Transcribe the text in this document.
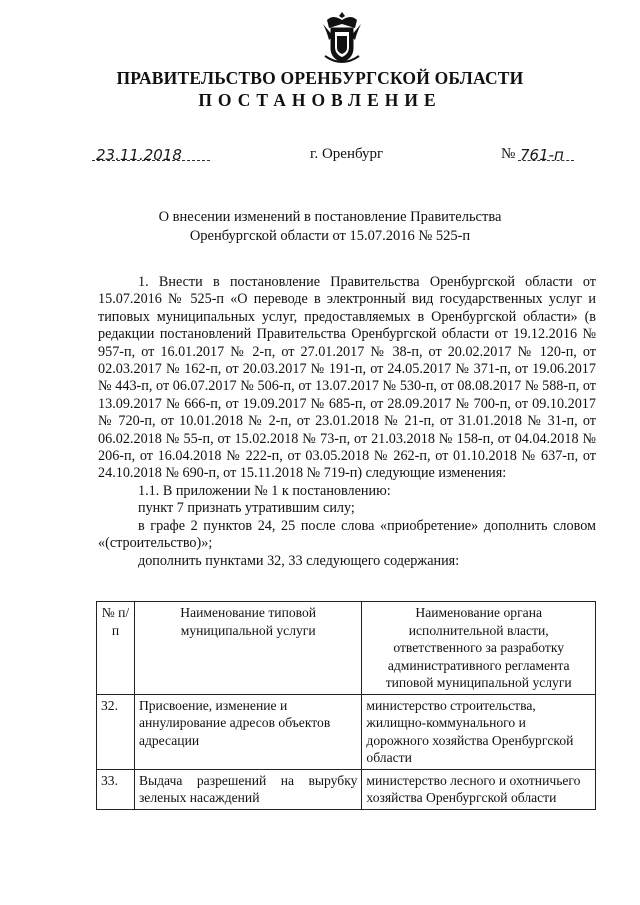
ПРАВИТЕЛЬСТВО ОРЕНБУРГСКОЙ ОБЛАСТИ
ПОСТАНОВЛЕНИЕ
23.11.2018	г. Оренбург	№ 761-п
О внесении изменений в постановление Правительства
Оренбургской области от 15.07.2016 № 525-п

1. Внести в постановление Правительства Оренбургской области от 15.07.2016 № 525-п «О переводе в электронный вид государственных услуг и типовых муниципальных услуг, предоставляемых в Оренбургской области» (в редакции постановлений Правительства Оренбургской области от 19.12.2016 № 957-п, от 16.01.2017 № 2-п, от 27.01.2017 № 38-п, от 20.02.2017 № 120-п, от 02.03.2017 № 162-п, от 20.03.2017 № 191-п, от 24.05.2017 № 371-п, от 19.06.2017 № 443-п, от 06.07.2017 № 506-п, от 13.07.2017 № 530-п, от 08.08.2017 № 588-п, от 13.09.2017 № 666-п, от 19.09.2017 № 685-п, от 28.09.2017 № 700-п, от 09.10.2017 № 720-п, от 10.01.2018 № 2-п, от 23.01.2018 № 21-п, от 31.01.2018 № 31-п, от 06.02.2018 № 55-п, от 15.02.2018 № 73-п, от 21.03.2018 № 158-п, от 04.04.2018 № 206-п, от 16.04.2018 № 222-п, от 03.05.2018 № 262-п, от 01.10.2018 № 637-п, от 24.10.2018 № 690-п, от 15.11.2018 № 719-п) следующие изменения:

1.1. В приложении № 1 к постановлению:

пункт 7 признать утратившим силу;

в графе 2 пунктов 24, 25 после слова «приобретение» дополнить словом «(строительство)»;

дополнить пунктами 32, 33 следующего содержания:

№ п/п	Наименование типовой муниципальной услуги	Наименование органа исполнительной власти, ответственного за разработку административного регламента типовой муниципальной услуги
32.	Присвоение, изменение и аннулирование адресов объектов адресации	министерство строительства, жилищно-коммунального и дорожного хозяйства Оренбургской области
33.	Выдача разрешений на вырубку зеленых насаждений	министерство лесного и охотничьего хозяйства Оренбургской области
